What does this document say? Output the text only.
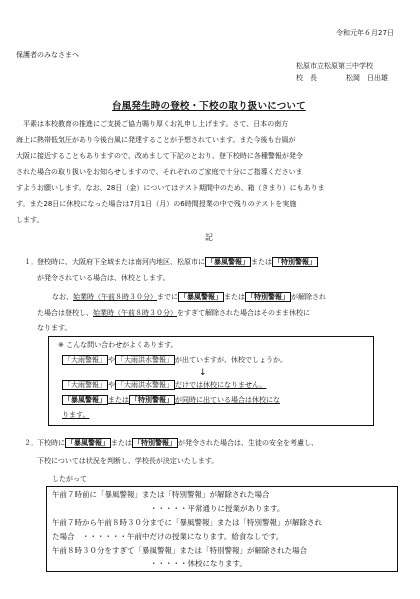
令和元年６月27日
保護者のみなさまへ
松原市立松原第三中学校
校　長	松岡　日出雄
台風発生時の登校・下校の取り扱いについて
　平素は本校教育の推進にご支援ご協力賜り厚くお礼申し上げます。さて、日本の南方
海上に熱帯低気圧があり今後台風に発達することが予想されています。また今後も台風が
大阪に接近することもありますので、改めまして下記のとおり、登下校時に各種警報が発令
された場合の取り扱いをお知らせしますので、それぞれのご家庭で十分にご指導くださいま
すようお願いします。なお、28日（金）についてはテスト期間中のため、箱（きまり）にもありま
す。また28日に休校になった場合は7月1日（月）の6時間授業の中で残りのテストを実施
します。
記
１． 登校時に、大阪府下全域または南河内地区、松原市に 「暴風警報」 または 「特別警報」
が発令されている場合は、休校とします。
なお、始業時（午前８時３０分）までに 「暴風警報」 または 「特別警報」 が解除され
た場合は登校し、始業時（午前８時３０分）をすぎて解除された場合はそのまま休校に
なります。
※ こんな問い合わせがよくあります。
「大雨警報」 や 「大雨洪水警報」 が出ていますが、休校でしょうか。
↓
「大雨警報」 や 「大雨洪水警報」 だけでは休校になりません。
「暴風警報」 または 「特別警報」 が同時に出ている場合は休校にな
ります。
２． 下校時に 「暴風警報」 または 「特別警報」 が発令された場合は、生徒の安全を考慮し、
下校については状況を判断し、学校長が決定いたします。
したがって
午前７時前に「暴風警報」または「特別警報」が解除された場合
・・・・・平常通りに授業があります。
午前７時から午前８時３０分までに「暴風警報」または「特別警報」が解除され
た場合　・・・・・・午前中だけの授業になります。給食なしです。
午前８時３０分をすぎて「暴風警報」または「特別警報」が解除された場合
・・・・・休校になります。
